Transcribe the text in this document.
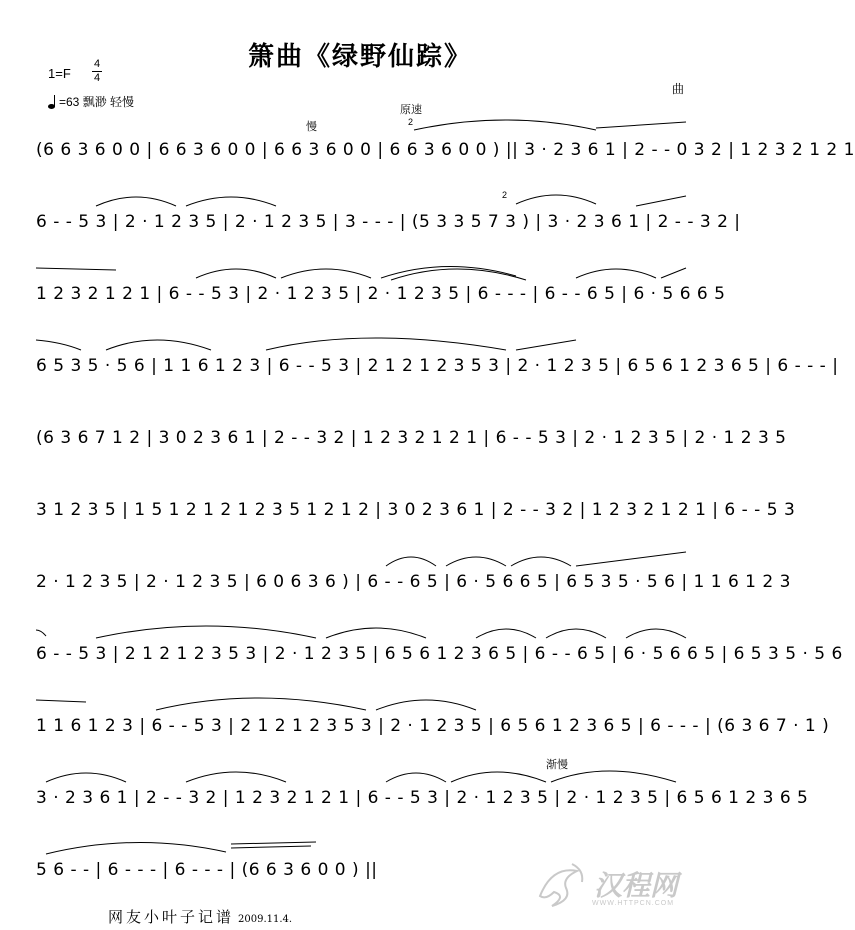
箫曲《绿野仙踪》
1=F
4
4
=63 飘渺 轻慢
曲
慢
原速
2
2
渐慢
(6 6 3 6 0 0 | 6 6 3 6 0 0 | 6 6 3 6 0 0 | 6 6 3 6 0 0 ) || 3 · 2 3 6 1 | 2 - - 0 3 2 | 1 2 3 2 1 2 1
6 - - 5 3 | 2 · 1 2 3 5 | 2 · 1 2 3 5 | 3 - - - | (5 3 3 5 7 3 ) | 3 · 2 3 6 1 | 2 - - 3 2 |
1 2 3 2 1 2 1 | 6 - - 5 3 | 2 · 1 2 3 5 | 2 · 1 2 3 5 | 6 - - - | 6 - - 6 5 | 6 · 5 6 6 5
6 5 3 5 · 5 6 | 1 1 6 1 2 3 | 6 - - 5 3 | 2 1 2 1 2 3 5 3 | 2 · 1 2 3 5 | 6 5 6 1 2 3 6 5 | 6 - - - |
(6 3 6 7 1 2 | 3 0 2 3 6 1 | 2 - - 3 2 | 1 2 3 2 1 2 1 | 6 - - 5 3 | 2 · 1 2 3 5 | 2 · 1 2 3 5
3 1 2 3 5 | 1 5 1 2 1 2 1 2 3 5 1 2 1 2 | 3 0 2 3 6 1 | 2 - - 3 2 | 1 2 3 2 1 2 1 | 6 - - 5 3
2 · 1 2 3 5 | 2 · 1 2 3 5 | 6 0 6 3 6 ) | 6 - - 6 5 | 6 · 5 6 6 5 | 6 5 3 5 · 5 6 | 1 1 6 1 2 3
6 - - 5 3 | 2 1 2 1 2 3 5 3 | 2 · 1 2 3 5 | 6 5 6 1 2 3 6 5 | 6 - - 6 5 | 6 · 5 6 6 5 | 6 5 3 5 · 5 6
1 1 6 1 2 3 | 6 - - 5 3 | 2 1 2 1 2 3 5 3 | 2 · 1 2 3 5 | 6 5 6 1 2 3 6 5 | 6 - - - | (6 3 6 7 · 1 )
3 · 2 3 6 1 | 2 - - 3 2 | 1 2 3 2 1 2 1 | 6 - - 5 3 | 2 · 1 2 3 5 | 2 · 1 2 3 5 | 6 5 6 1 2 3 6 5
5 6 - - | 6 - - - | 6 - - - | (6 6 3 6 0 0 ) ||
网友小叶子记谱 2009.11.4.
汉程网
WWW.HTTPCN.COM
